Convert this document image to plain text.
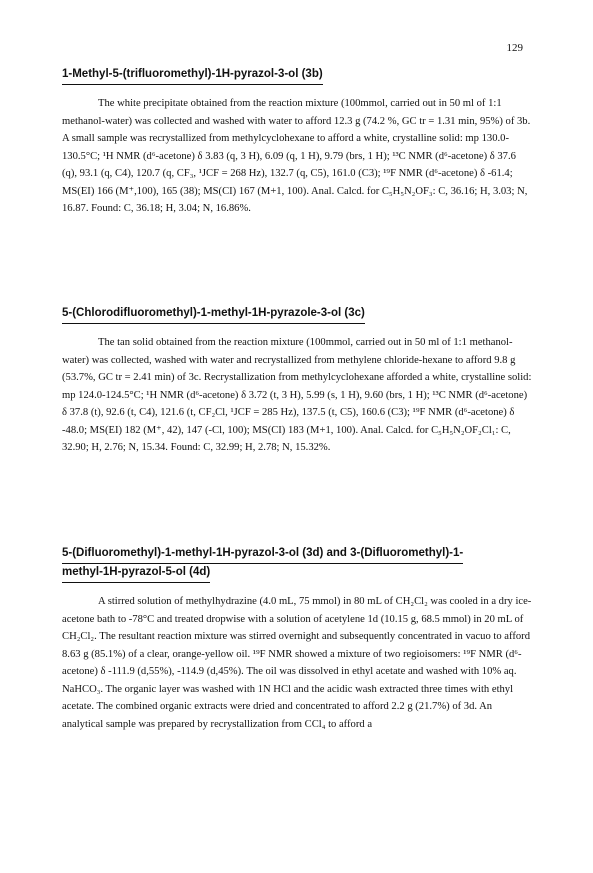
129
1-Methyl-5-(trifluoromethyl)-1H-pyrazol-3-ol (3b)

The white precipitate obtained from the reaction mixture (100mmol, carried out in 50 ml of 1:1 methanol-water) was collected and washed with water to afford 12.3 g (74.2 %, GC tr = 1.31 min, 95%) of 3b. A small sample was recrystallized from methylcyclohexane to afford a white, crystalline solid: mp 130.0-130.5°C; ¹H NMR (d⁶-acetone) δ 3.83 (q, 3 H), 6.09 (q, 1 H), 9.79 (brs, 1 H); ¹³C NMR (d⁶-acetone) δ 37.6 (q), 93.1 (q, C4), 120.7 (q, CF₃, ¹JCF = 268 Hz), 132.7 (q, C5), 161.0 (C3); ¹⁹F NMR (d⁶-acetone) δ -61.4; MS(EI) 166 (M⁺,100), 165 (38); MS(CI) 167 (M+1, 100). Anal. Calcd. for C₅H₅N₂OF₃: C, 36.16; H, 3.03; N, 16.87. Found: C, 36.18; H, 3.04; N, 16.86%.

5-(Chlorodifluoromethyl)-1-methyl-1H-pyrazole-3-ol (3c)

The tan solid obtained from the reaction mixture (100mmol, carried out in 50 ml of 1:1 methanol-water) was collected, washed with water and recrystallized from methylene chloride-hexane to afford 9.8 g (53.7%, GC tr = 2.41 min) of 3c. Recrystallization from methylcyclohexane afforded a white, crystalline solid: mp 124.0-124.5°C; ¹H NMR (d⁶-acetone) δ 3.72 (t, 3 H), 5.99 (s, 1 H), 9.60 (brs, 1 H); ¹³C NMR (d⁶-acetone) δ 37.8 (t), 92.6 (t, C4), 121.6 (t, CF₂Cl, ¹JCF = 285 Hz), 137.5 (t, C5), 160.6 (C3); ¹⁹F NMR (d⁶-acetone) δ -48.0; MS(EI) 182 (M⁺, 42), 147 (-Cl, 100); MS(CI) 183 (M+1, 100). Anal. Calcd. for C₅H₅N₂OF₂Cl₁: C, 32.90; H, 2.76; N, 15.34. Found: C, 32.99; H, 2.78; N, 15.32%.

5-(Difluoromethyl)-1-methyl-1H-pyrazol-3-ol (3d) and 3-(Difluoromethyl)-1-
methyl-1H-pyrazol-5-ol (4d)

A stirred solution of methylhydrazine (4.0 mL, 75 mmol) in 80 mL of CH₂Cl₂ was cooled in a dry ice-acetone bath to -78°C and treated dropwise with a solution of acetylene 1d (10.15 g, 68.5 mmol) in 20 mL of CH₂Cl₂. The resultant reaction mixture was stirred overnight and subsequently concentrated in vacuo to afford 8.63 g (85.1%) of a clear, orange-yellow oil. ¹⁹F NMR showed a mixture of two regioisomers: ¹⁹F NMR (d⁶-acetone) δ -111.9 (d,55%), -114.9 (d,45%). The oil was dissolved in ethyl acetate and washed with 10% aq. NaHCO₃. The organic layer was washed with 1N HCl and the acidic wash extracted three times with ethyl acetate. The combined organic extracts were dried and concentrated to afford 2.2 g (21.7%) of 3d. An analytical sample was prepared by recrystallization from CCl₄ to afford a
